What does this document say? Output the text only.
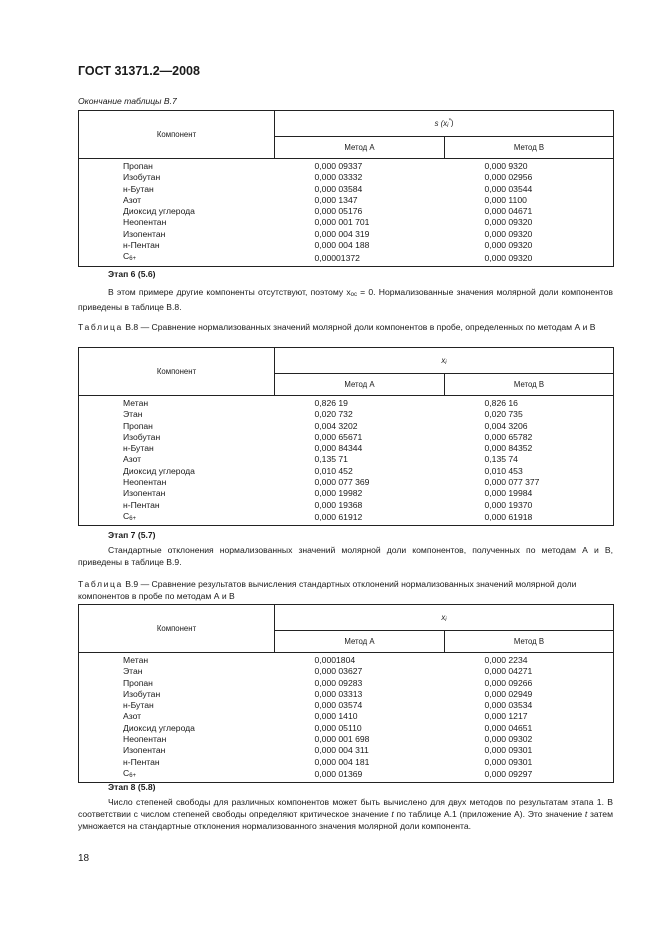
ГОСТ 31371.2—2008
Окончание таблицы В.7
Компонент	s $(x_i^*)$	
	Метод А	Метод В
Пропан	0,000 09337	0,000 9320
Изобутан	0,000 03332	0,000 02956
н-Бутан	0,000 03584	0,000 03544
Азот	0,000 1347	0,000 1100
Диоксид углерода	0,000 05176	0,000 04671
Неопентан	0,000 001 701	0,000 09320
Изопентан	0,000 004 319	0,000 09320
н-Пентан	0,000 004 188	0,000 09320
$C_{6+}$	0,00001372	0,000 09320
Этап 6 (5.6)
В этом примере другие компоненты отсутствуют, поэтому $x_{ос} = 0$. Нормализованные значения молярной доли компонентов приведены в таблице В.8.
Таблица В.8 — Сравнение нормализованных значений молярной доли компонентов в пробе, определенных по методам А и В
Компонент	$x_i$
	Метод А	Метод В
Метан	0,826 19	0,826 16
Этан	0,020 732	0,020 735
Пропан	0,004 3202	0,004 3206
Изобутан	0,000 65671	0,000 65782
н-Бутан	0,000 84344	0,000 84352
Азот	0,135 71	0,135 74
Диоксид углерода	0,010 452	0,010 453
Неопентан	0,000 077 369	0,000 077 377
Изопентан	0,000 19982	0,000 19984
н-Пентан	0,000 19368	0,000 19370
$C_{6+}$	0,000 61912	0,000 61918
Этап 7 (5.7)
Стандартные отклонения нормализованных значений молярной доли компонентов, полученных по методам А и В, приведены в таблице В.9.
Таблица В.9 — Сравнение результатов вычисления стандартных отклонений нормализованных значений молярной доли компонентов в пробе по методам А и В
Компонент	$x_i$
	Метод А	Метод В
Метан	0,0001804	0,000 2234
Этан	0,000 03627	0,000 04271
Пропан	0,000 09283	0,000 09266
Изобутан	0,000 03313	0,000 02949
н-Бутан	0,000 03574	0,000 03534
Азот	0,000 1410	0,000 1217
Диоксид углерода	0,000 05110	0,000 04651
Неопентан	0,000 001 698	0,000 09302
Изопентан	0,000 004 311	0,000 09301
н-Пентан	0,000 004 181	0,000 09301
$C_{6+}$	0,000 01369	0,000 09297
Этап 8 (5.8)
Число степеней свободы для различных компонентов может быть вычислено для двух методов по результатам этапа 1. В соответствии с числом степеней свободы определяют критическое значение t по таблице А.1 (приложение А). Это значение t затем умножается на стандартные отклонения нормализованного значения молярной доли компонента.
18
